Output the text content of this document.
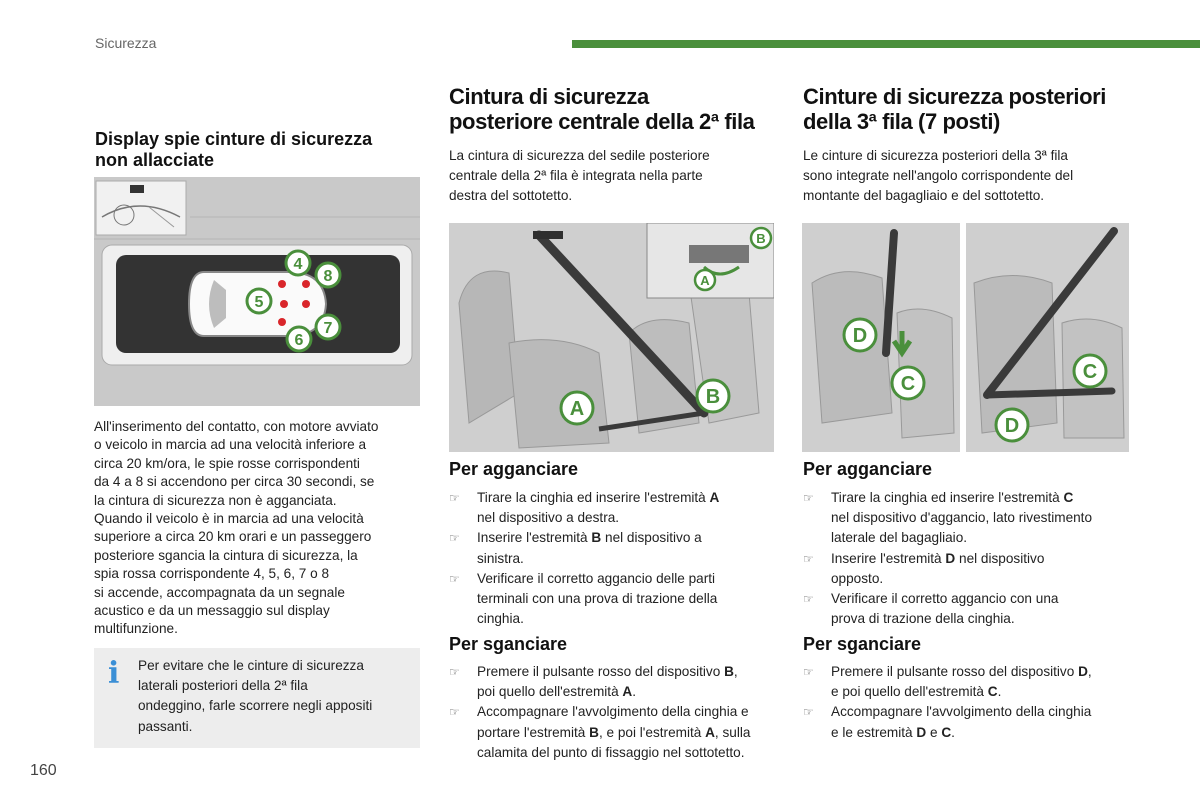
Sicurezza
Display spie cinture di sicurezza
non allacciate
4
8
5
7
6
All'inserimento del contatto, con motore avviato
o veicolo in marcia ad una velocità inferiore a
circa 20 km/ora, le spie rosse corrispondenti
da 4 a 8 si accendono per circa 30 secondi, se
la cintura di sicurezza non è agganciata.
Quando il veicolo è in marcia ad una velocità
superiore a circa 20 km orari e un passeggero
posteriore sgancia la cintura di sicurezza, la
spia rossa corrispondente 4, 5, 6, 7 o 8
si accende, accompagnata da un segnale
acustico e da un messaggio sul display
multifunzione.
i Per evitare che le cinture di sicurezza
laterali posteriori della 2ª fila
ondeggino, farle scorrere negli appositi
passanti.
160
Cintura di sicurezza
posteriore centrale della 2ª fila
La cintura di sicurezza del sedile posteriore
centrale della 2ª fila è integrata nella parte
destra del sottotetto.
B
A
A
B
Per agganciare
☞ Tirare la cinghia ed inserire l'estremità A
nel dispositivo a destra.
☞ Inserire l'estremità B nel dispositivo a
sinistra.
☞ Verificare il corretto aggancio delle parti
terminali con una prova di trazione della
cinghia.
Per sganciare
☞ Premere il pulsante rosso del dispositivo B,
poi quello dell'estremità A.
☞ Accompagnare l'avvolgimento della cinghia e
portare l'estremità B, e poi l'estremità A, sulla
calamita del punto di fissaggio nel sottotetto.
Cinture di sicurezza posteriori
della 3ª fila (7 posti)
Le cinture di sicurezza posteriori della 3ª fila
sono integrate nell'angolo corrispondente del
montante del bagagliaio e del sottotetto.
D
C
C
D
Per agganciare
☞ Tirare la cinghia ed inserire l'estremità C
nel dispositivo d'aggancio, lato rivestimento
laterale del bagagliaio.
☞ Inserire l'estremità D nel dispositivo
opposto.
☞ Verificare il corretto aggancio con una
prova di trazione della cinghia.
Per sganciare
☞ Premere il pulsante rosso del dispositivo D,
e poi quello dell'estremità C.
☞ Accompagnare l'avvolgimento della cinghia
e le estremità D e C.
